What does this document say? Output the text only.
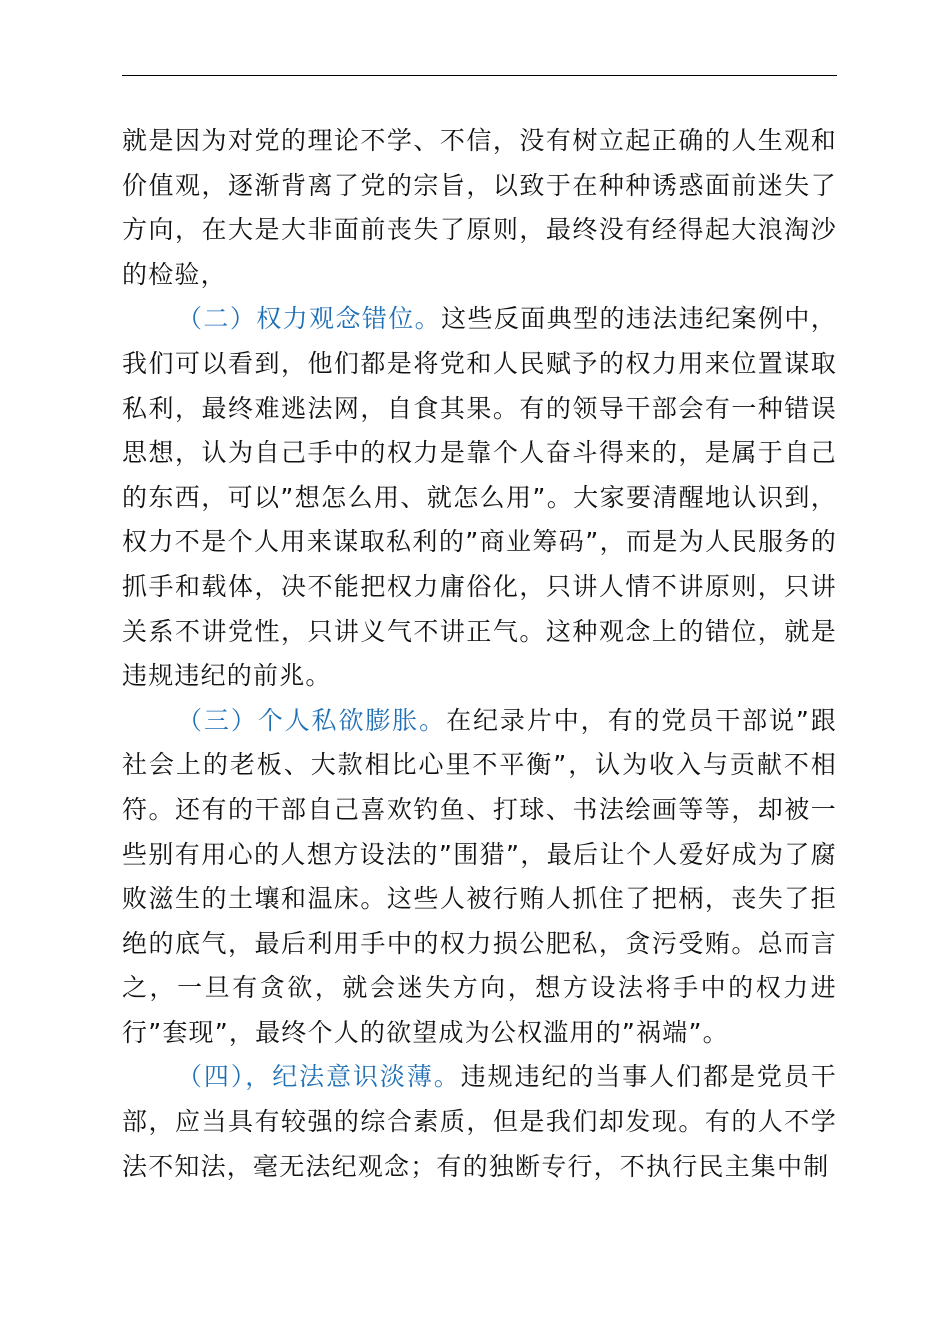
就是因为对党的理论不学、不信，没有树立起正确的人生观和价值观，逐渐背离了党的宗旨，以致于在种种诱惑面前迷失了方向，在大是大非面前丧失了原则，最终没有经得起大浪淘沙的检验，

（二）权力观念错位。这些反面典型的违法违纪案例中，我们可以看到，他们都是将党和人民赋予的权力用来位置谋取私利，最终难逃法网，自食其果。有的领导干部会有一种错误思想，认为自己手中的权力是靠个人奋斗得来的，是属于自己的东西，可以”想怎么用、就怎么用”。大家要清醒地认识到，权力不是个人用来谋取私利的”商业筹码”，而是为人民服务的抓手和载体，决不能把权力庸俗化，只讲人情不讲原则，只讲关系不讲党性，只讲义气不讲正气。这种观念上的错位，就是违规违纪的前兆。

（三）个人私欲膨胀。在纪录片中，有的党员干部说”跟社会上的老板、大款相比心里不平衡”，认为收入与贡献不相符。还有的干部自己喜欢钓鱼、打球、书法绘画等等，却被一些别有用心的人想方设法的”围猎”，最后让个人爱好成为了腐败滋生的土壤和温床。这些人被行贿人抓住了把柄，丧失了拒绝的底气，最后利用手中的权力损公肥私，贪污受贿。总而言之，一旦有贪欲，就会迷失方向，想方设法将手中的权力进行”套现”，最终个人的欲望成为公权滥用的”祸端”。

（四），纪法意识淡薄。违规违纪的当事人们都是党员干部，应当具有较强的综合素质，但是我们却发现。有的人不学法不知法，毫无法纪观念；有的独断专行，不执行民主集中制
